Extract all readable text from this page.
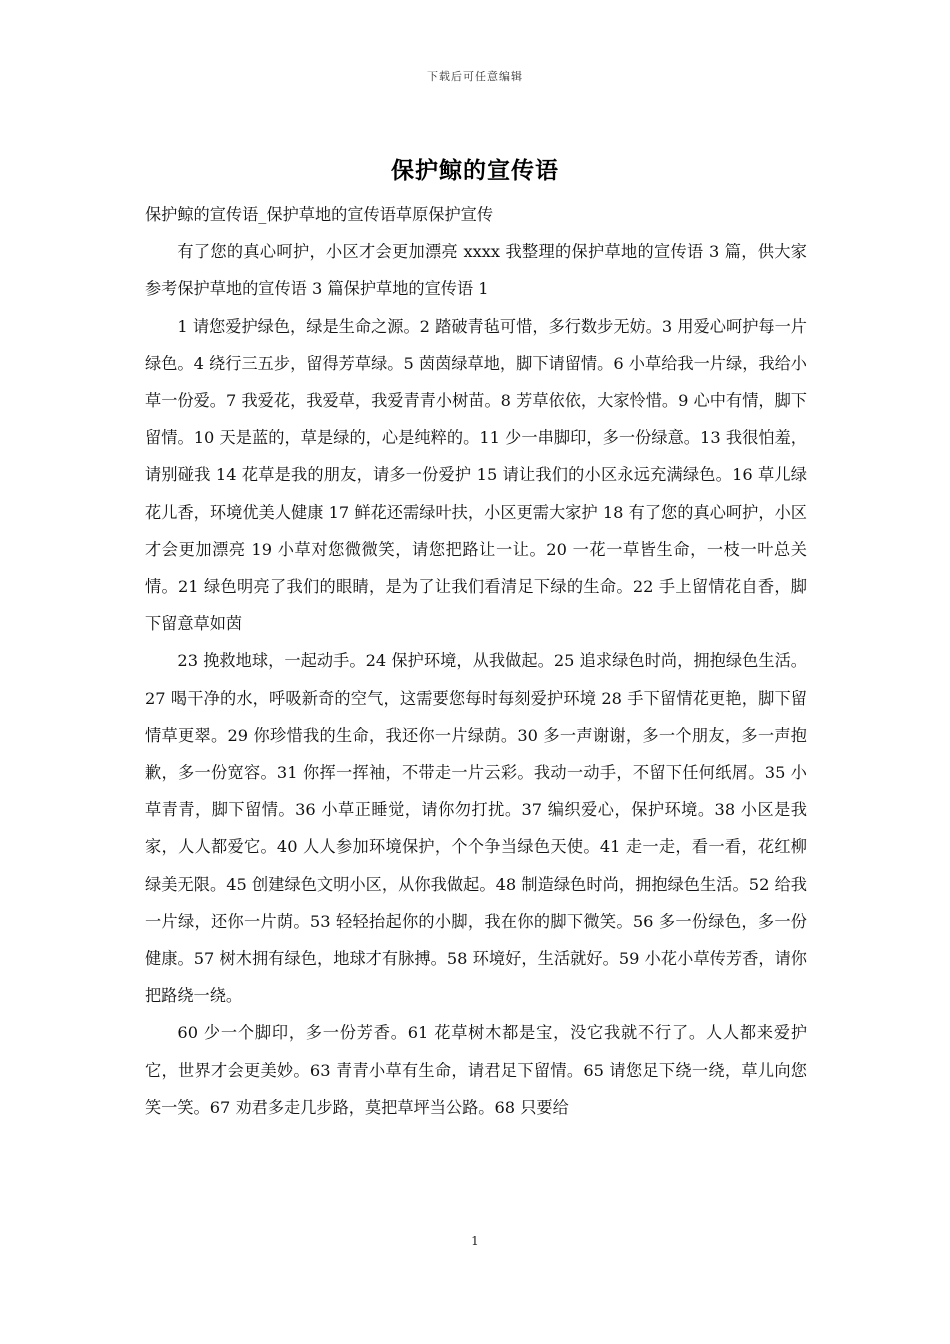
下载后可任意编辑
保护鲸的宣传语

保护鲸的宣传语_保护草地的宣传语草原保护宣传

有了您的真心呵护，小区才会更加漂亮 xxxx 我整理的保护草地的宣传语 3 篇，供大家参考保护草地的宣传语 3 篇保护草地的宣传语 1

1 请您爱护绿色，绿是生命之源。2 踏破青毡可惜，多行数步无妨。3 用爱心呵护每一片绿色。4 绕行三五步，留得芳草绿。5 茵茵绿草地，脚下请留情。6 小草给我一片绿，我给小草一份爱。7 我爱花，我爱草，我爱青青小树苗。8 芳草依依，大家怜惜。9 心中有情，脚下留情。10 天是蓝的，草是绿的，心是纯粹的。11 少一串脚印，多一份绿意。13 我很怕羞，请别碰我 14 花草是我的朋友，请多一份爱护 15 请让我们的小区永远充满绿色。16 草儿绿花儿香，环境优美人健康 17 鲜花还需绿叶扶，小区更需大家护 18 有了您的真心呵护，小区才会更加漂亮 19 小草对您微微笑，请您把路让一让。20 一花一草皆生命，一枝一叶总关情。21 绿色明亮了我们的眼睛，是为了让我们看清足下绿的生命。22 手上留情花自香，脚下留意草如茵

23 挽救地球，一起动手。24 保护环境，从我做起。25 追求绿色时尚，拥抱绿色生活。27 喝干净的水，呼吸新奇的空气，这需要您每时每刻爱护环境 28 手下留情花更艳，脚下留情草更翠。29 你珍惜我的生命，我还你一片绿荫。30 多一声谢谢，多一个朋友，多一声抱歉，多一份宽容。31 你挥一挥袖，不带走一片云彩。我动一动手，不留下任何纸屑。35 小草青青，脚下留情。36 小草正睡觉，请你勿打扰。37 编织爱心，保护环境。38 小区是我家，人人都爱它。40 人人参加环境保护，个个争当绿色天使。41 走一走，看一看，花红柳绿美无限。45 创建绿色文明小区，从你我做起。48 制造绿色时尚，拥抱绿色生活。52 给我一片绿，还你一片荫。53 轻轻抬起你的小脚，我在你的脚下微笑。56 多一份绿色，多一份健康。57 树木拥有绿色，地球才有脉搏。58 环境好，生活就好。59 小花小草传芳香，请你把路绕一绕。

60 少一个脚印，多一份芳香。61 花草树木都是宝，没它我就不行了。人人都来爱护它，世界才会更美妙。63 青青小草有生命，请君足下留情。65 请您足下绕一绕，草儿向您笑一笑。67 劝君多走几步路，莫把草坪当公路。68 只要给

1
